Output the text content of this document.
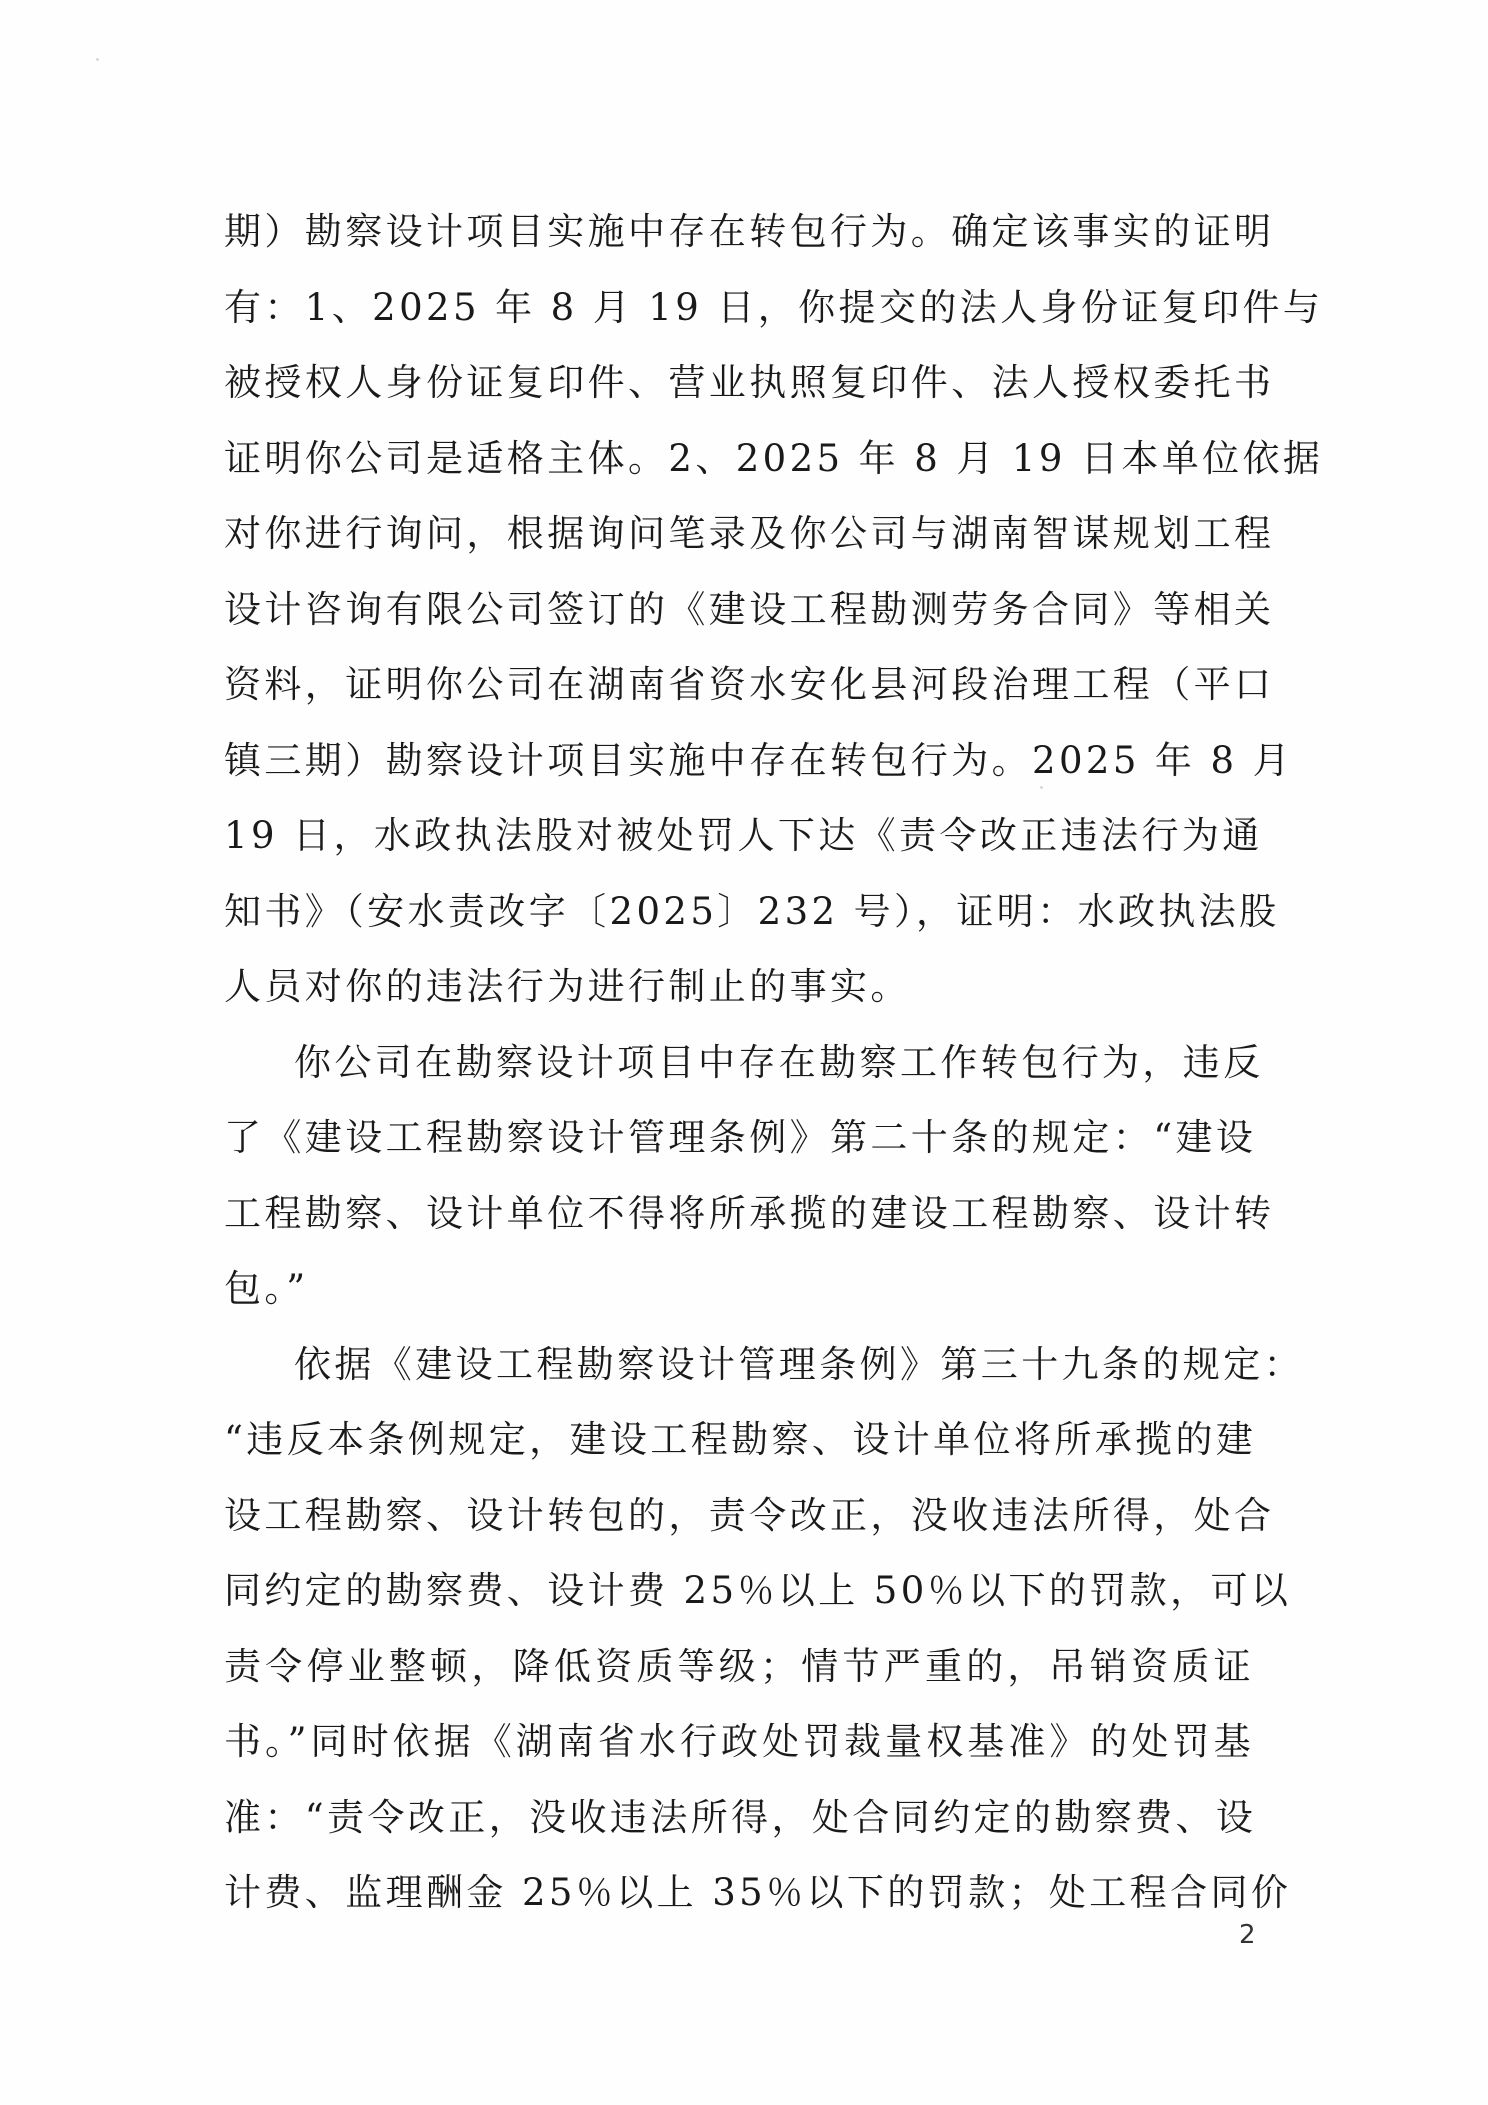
期）勘察设计项目实施中存在转包行为。确定该事实的证明
有：1、2025 年 8 月 19 日，你提交的法人身份证复印件与
被授权人身份证复印件、营业执照复印件、法人授权委托书
证明你公司是适格主体。2、2025 年 8 月 19 日本单位依据
对你进行询问，根据询问笔录及你公司与湖南智谋规划工程
设计咨询有限公司签订的《建设工程勘测劳务合同》等相关
资料，证明你公司在湖南省资水安化县河段治理工程（平口
镇三期）勘察设计项目实施中存在转包行为。2025 年 8 月
19 日，水政执法股对被处罚人下达《责令改正违法行为通
知书》（安水责改字〔2025〕232 号），证明：水政执法股
人员对你的违法行为进行制止的事实。
你公司在勘察设计项目中存在勘察工作转包行为，违反
了《建设工程勘察设计管理条例》第二十条的规定：“建设
工程勘察、设计单位不得将所承揽的建设工程勘察、设计转
包。”
依据《建设工程勘察设计管理条例》第三十九条的规定：
“违反本条例规定，建设工程勘察、设计单位将所承揽的建
设工程勘察、设计转包的，责令改正，没收违法所得，处合
同约定的勘察费、设计费 25％以上 50％以下的罚款，可以
责令停业整顿，降低资质等级；情节严重的，吊销资质证
书。”同时依据《湖南省水行政处罚裁量权基准》的处罚基
准：“责令改正，没收违法所得，处合同约定的勘察费、设
计费、监理酬金 25％以上 35％以下的罚款；处工程合同价
2
